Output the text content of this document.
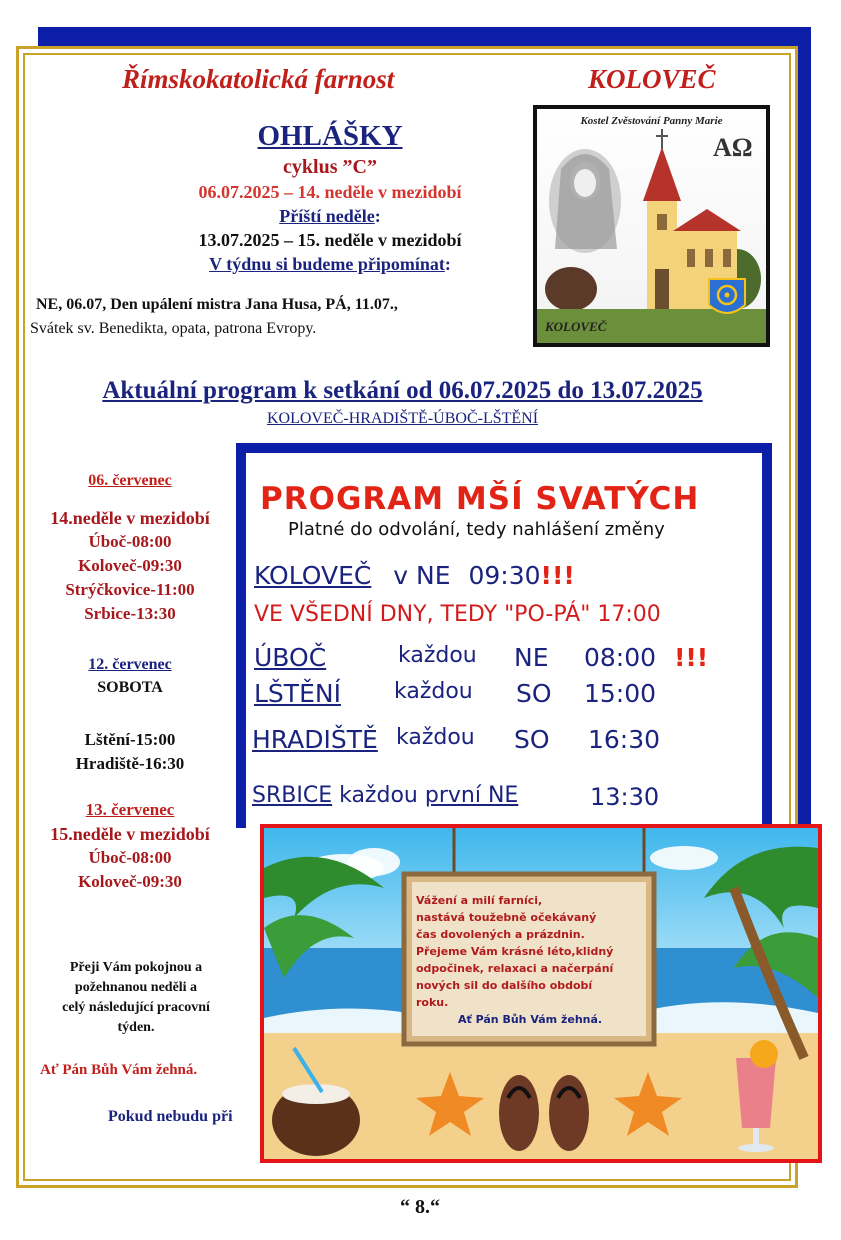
Římskokatolická farnost	KOLOVEČ
OHLÁŠKY
cyklus ”C”
06.07.2025 – 14. neděle v mezidobí
Příští neděle:
13.07.2025 – 15. neděle v mezidobí
V týdnu si budeme připomínat:
NE, 06.07, Den upálení mistra Jana Husa, PÁ, 11.07.,
Svátek sv. Benedikta, opata, patrona Evropy.
Kostel Zvěstování Panny Marie
AΩ
KOLOVEČ
Aktuální program k setkání od 06.07.2025 do 13.07.2025
KOLOVEČ-HRADIŠTĚ-ÚBOČ-LŠTĚNÍ
06. červenec
14.neděle v mezidobí
Úboč-08:00
Koloveč-09:30
Strýčkovice-11:00
Srbice-13:30
12. červenec
SOBOTA
Lštění-15:00
Hradiště-16:30
13. červenec
15.neděle v mezidobí
Úboč-08:00
Koloveč-09:30
Přeji Vám pokojnou a
požehnanou neděli a
celý následující pracovní
týden.
Ať Pán Bůh Vám žehná.
Pokud nebudu při
PROGRAM MŠÍ SVATÝCH
Platné do odvolání, tedy nahlášení změny
KOLOVEČ v NE 09:30!!!
VE VŠEDNÍ DNY, TEDY "PO-PÁ" 17:00
ÚBOČ	každou NE 08:00 !!!
LŠTĚNÍ každou SO 15:00
HRADIŠTĚ každou SO 16:30
SRBICE každou první NE	13:30
Vážení a milí farníci,
nastává toužebně očekávaný
čas dovolených a prázdnin.
Přejeme Vám krásné léto,klidný
odpočinek, relaxaci a načerpání
nových sil do dalšího období
roku.
Ať Pán Bůh Vám žehná.
“ 8.“
